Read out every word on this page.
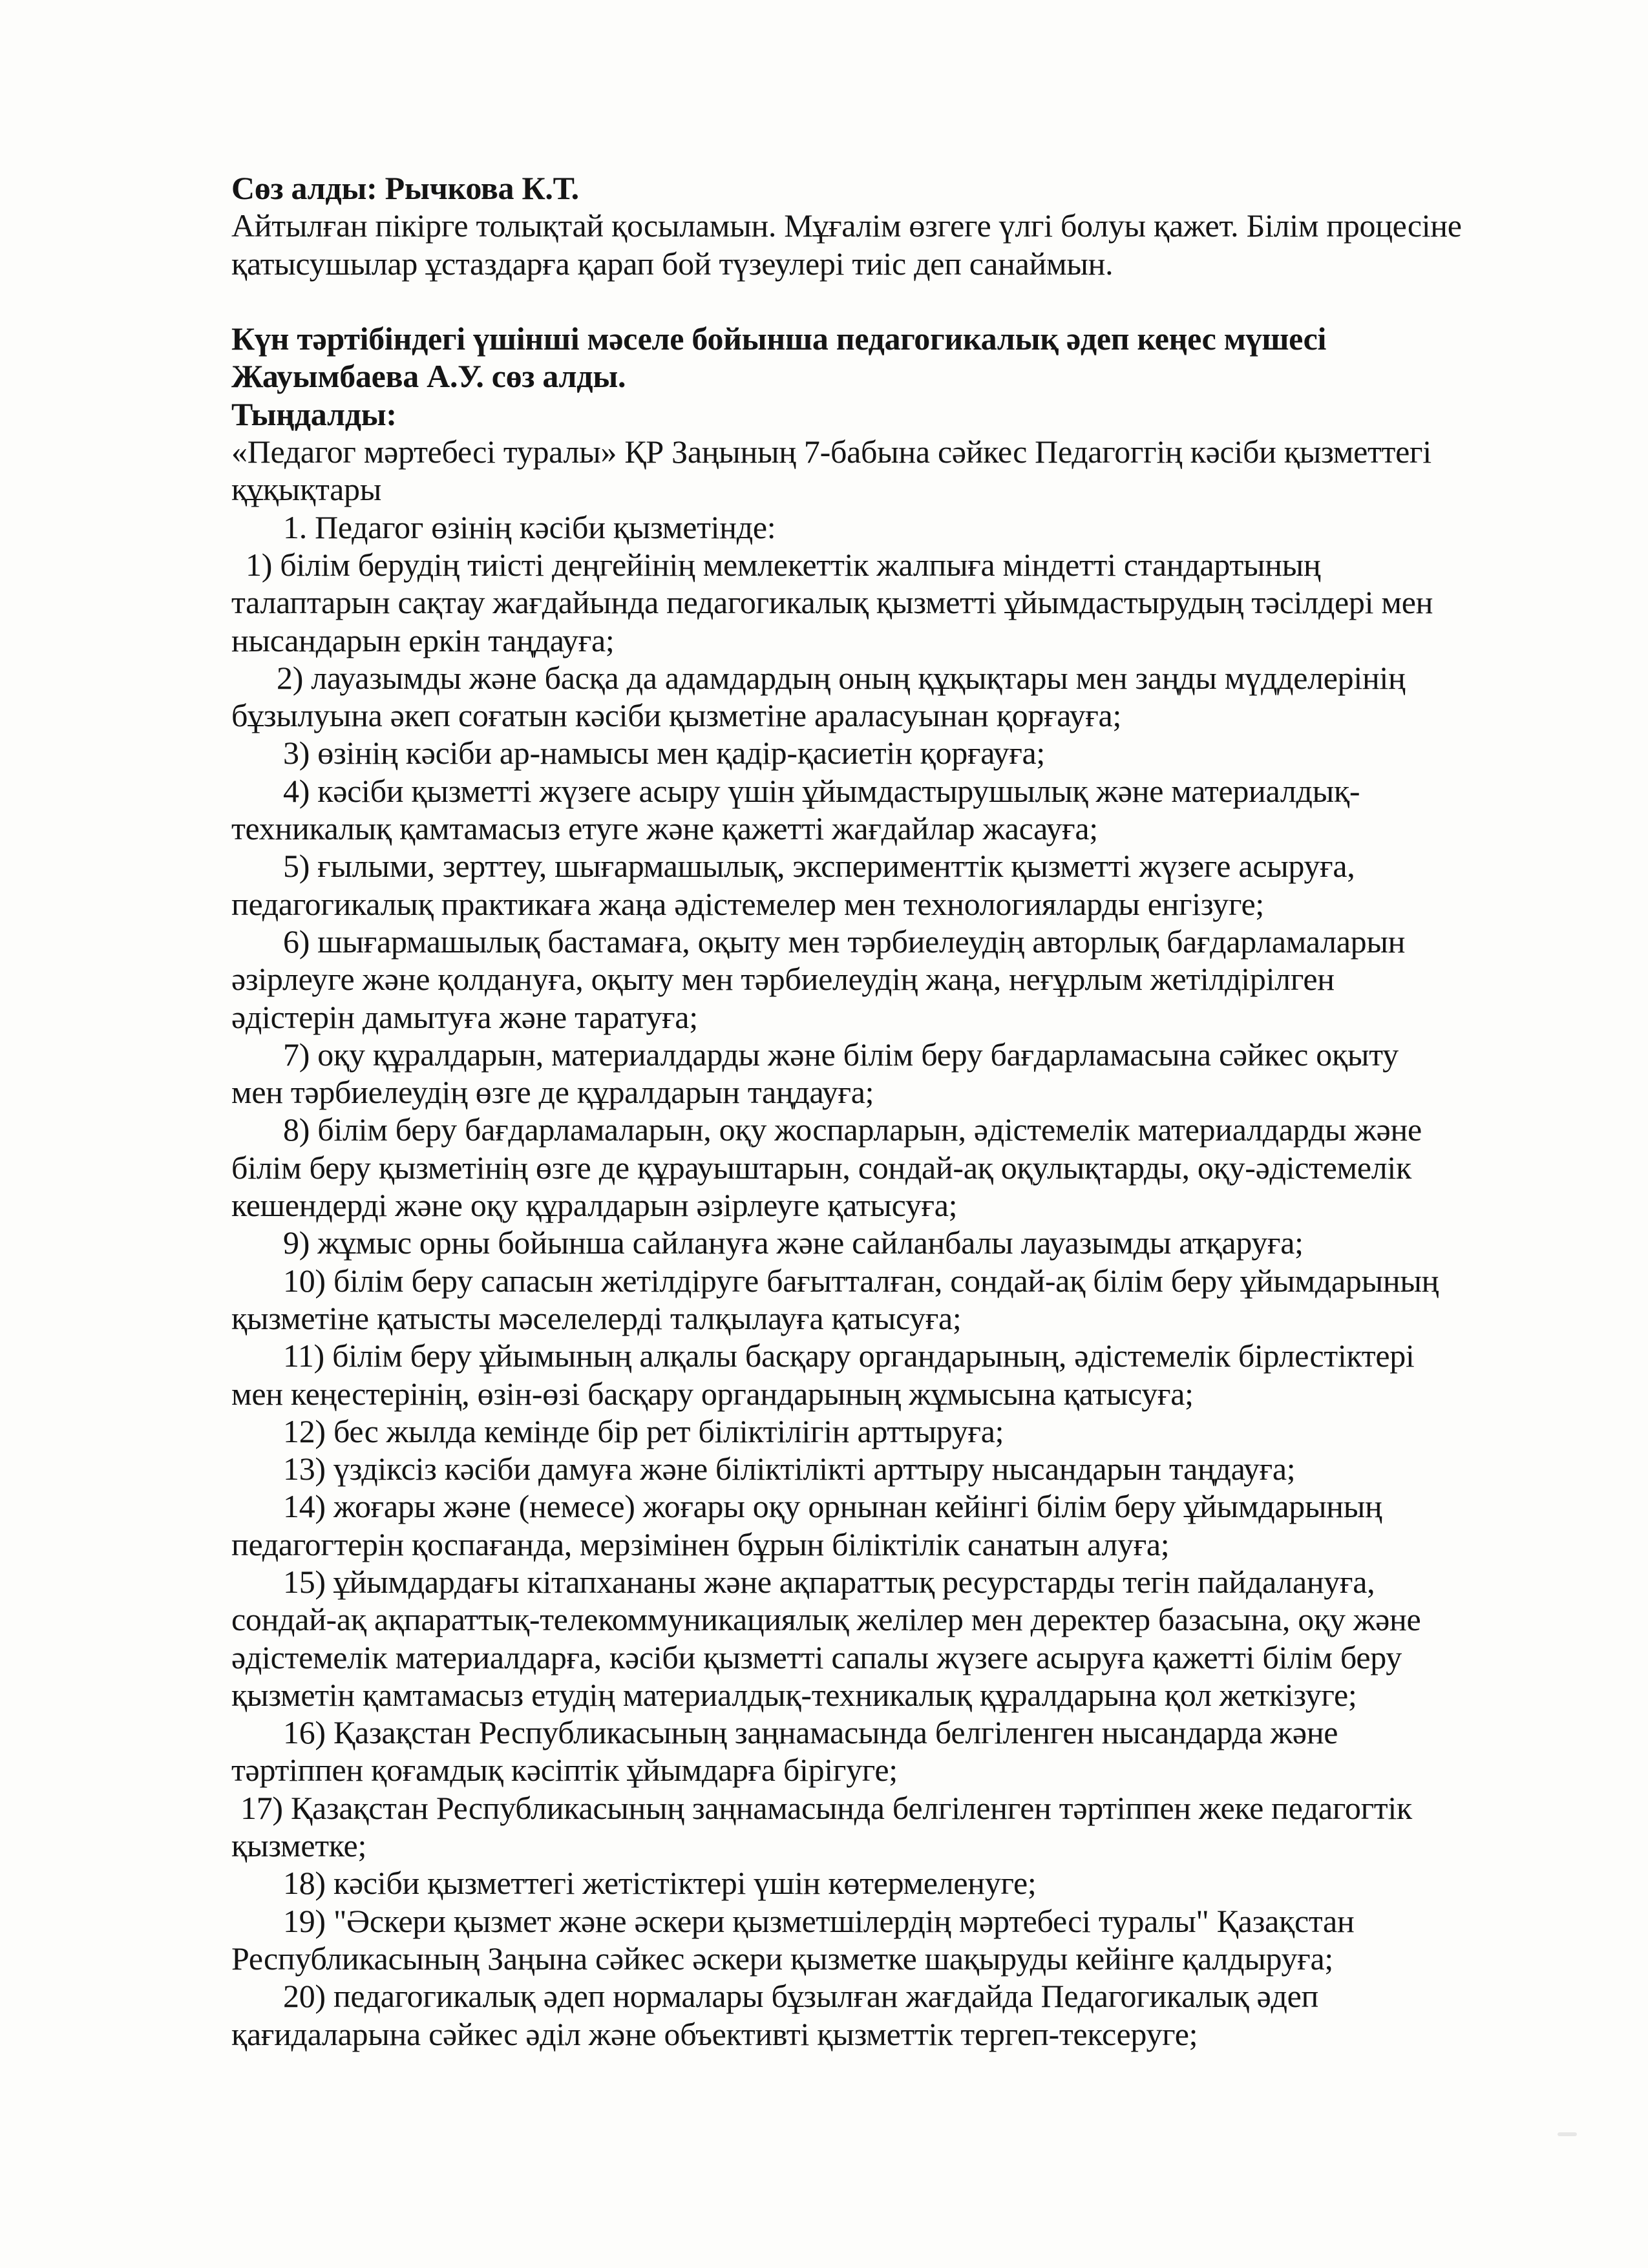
Сөз алды: Рычкова К.Т.
Айтылған пікірге толықтай қосыламын. Мұғалім өзгеге үлгі болуы қажет. Білім процесіне
қатысушылар ұстаздарға қарап бой түзеулері тиіс деп санаймын.
Күн тәртібіндегі үшінші мәселе бойынша педагогикалық әдеп кеңес мүшесі
Жауымбаева А.У. сөз алды.
Тыңдалды:
«Педагог мәртебесі туралы» ҚР Заңының 7-бабына сәйкес Педагоггің кәсіби қызметтегі
құқықтары
1. Педагог өзінің кәсіби қызметінде:
1) білім берудің тиісті деңгейінің мемлекеттік жалпыға міндетті стандартының
талаптарын сақтау жағдайында педагогикалық қызметті ұйымдастырудың тәсілдері мен
нысандарын еркін таңдауға;
2) лауазымды және басқа да адамдардың оның құқықтары мен заңды мүдделерінің
бұзылуына әкеп соғатын кәсіби қызметіне араласуынан қорғауға;
3) өзінің кәсіби ар-намысы мен қадір-қасиетін қорғауға;
4) кәсіби қызметті жүзеге асыру үшін ұйымдастырушылық және материалдық-
техникалық қамтамасыз етуге және қажетті жағдайлар жасауға;
5) ғылыми, зерттеу, шығармашылық, эксперименттік қызметті жүзеге асыруға,
педагогикалық практикаға жаңа әдістемелер мен технологияларды енгізуге;
6) шығармашылық бастамаға, оқыту мен тәрбиелеудің авторлық бағдарламаларын
әзірлеуге және қолдануға, оқыту мен тәрбиелеудің жаңа, неғұрлым жетілдірілген
әдістерін дамытуға және таратуға;
7) оқу құралдарын, материалдарды және білім беру бағдарламасына сәйкес оқыту
мен тәрбиелеудің өзге де құралдарын таңдауға;
8) білім беру бағдарламаларын, оқу жоспарларын, әдістемелік материалдарды және
білім беру қызметінің өзге де құрауыштарын, сондай-ақ оқулықтарды, оқу-әдістемелік
кешендерді және оқу құралдарын әзірлеуге қатысуға;
9) жұмыс орны бойынша сайлануға және сайланбалы лауазымды атқаруға;
10) білім беру сапасын жетілдіруге бағытталған, сондай-ақ білім беру ұйымдарының
қызметіне қатысты мәселелерді талқылауға қатысуға;
11) білім беру ұйымының алқалы басқару органдарының, әдістемелік бірлестіктері
мен кеңестерінің, өзін-өзі басқару органдарының жұмысына қатысуға;
12) бес жылда кемінде бір рет біліктілігін арттыруға;
13) үздіксіз кәсіби дамуға және біліктілікті арттыру нысандарын таңдауға;
14) жоғары және (немесе) жоғары оқу орнынан кейінгі білім беру ұйымдарының
педагогтерін қоспағанда, мерзімінен бұрын біліктілік санатын алуға;
15) ұйымдардағы кітапхананы және ақпараттық ресурстарды тегін пайдалануға,
сондай-ақ ақпараттық-телекоммуникациялық желілер мен деректер базасына, оқу және
әдістемелік материалдарға, кәсіби қызметті сапалы жүзеге асыруға қажетті білім беру
қызметін қамтамасыз етудің материалдық-техникалық құралдарына қол жеткізуге;
16) Қазақстан Республикасының заңнамасында белгіленген нысандарда және
тәртіппен қоғамдық кәсіптік ұйымдарға бірігуге;
17) Қазақстан Республикасының заңнамасында белгіленген тәртіппен жеке педагогтік
қызметке;
18) кәсіби қызметтегі жетістіктері үшін көтермеленуге;
19) "Әскери қызмет және әскери қызметшілердің мәртебесі туралы" Қазақстан
Республикасының Заңына сәйкес әскери қызметке шақыруды кейінге қалдыруға;
20) педагогикалық әдеп нормалары бұзылған жағдайда Педагогикалық әдеп
қағидаларына сәйкес әділ және объективті қызметтік тергеп-тексеруге;
